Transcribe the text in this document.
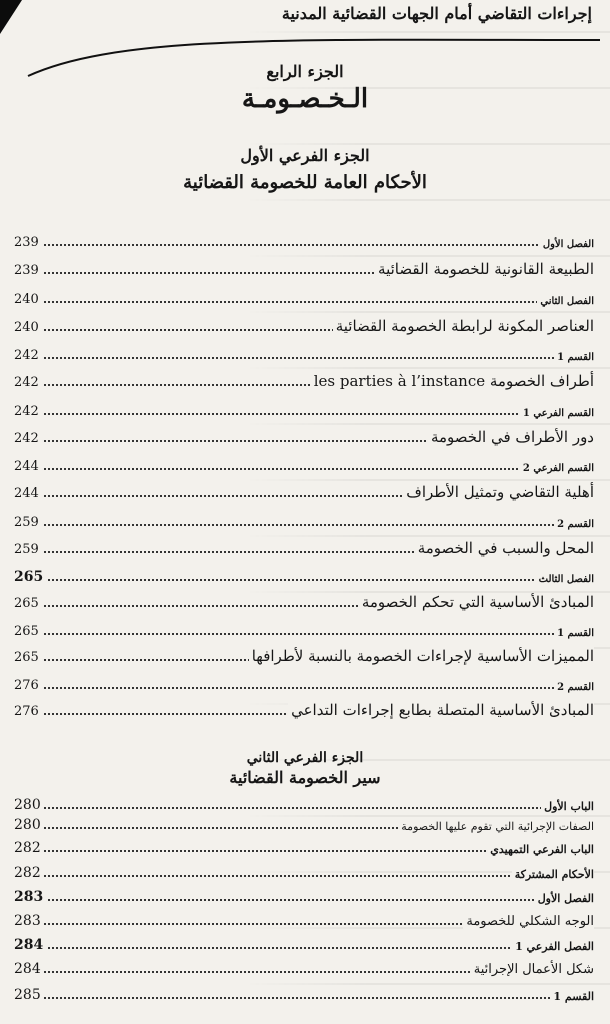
إجراءات التقاضي أمام الجهات القضائية المدنية
الجزء الرابع
الـخـصـومـة
الجزء الفرعي الأول
الأحكام العامة للخصومة القضائية
الفصل الأول
239
الطبيعة القانونية للخصومة القضائية
239
الفصل الثاني
240
العناصر المكونة لرابطة الخصومة القضائية
240
القسم 1
242
أطراف الخصومة les parties à l’instance
242
القسم الفرعي 1
242
دور الأطراف في الخصومة
242
القسم الفرعي 2
244
أهلية التقاضي وتمثيل الأطراف
244
القسم 2
259
المحل والسبب في الخصومة
259
الفصل الثالث
265
المبادئ الأساسية التي تحكم الخصومة
265
القسم 1
265
المميزات الأساسية لإجراءات الخصومة بالنسبة لأطرافها
265
القسم 2
276
المبادئ الأساسية المتصلة بطابع إجراءات التداعي
276
الجزء الفرعي الثاني
سير الخصومة القضائية
الباب الأول
280
الصفات الإجرائية التي تقوم عليها الخصومة
280
الباب الفرعي التمهيدي
282
الأحكام المشتركة
282
الفصل الأول
283
الوجه الشكلي للخصومة
283
الفصل الفرعي 1
284
شكل الأعمال الإجرائية
284
القسم 1
285
